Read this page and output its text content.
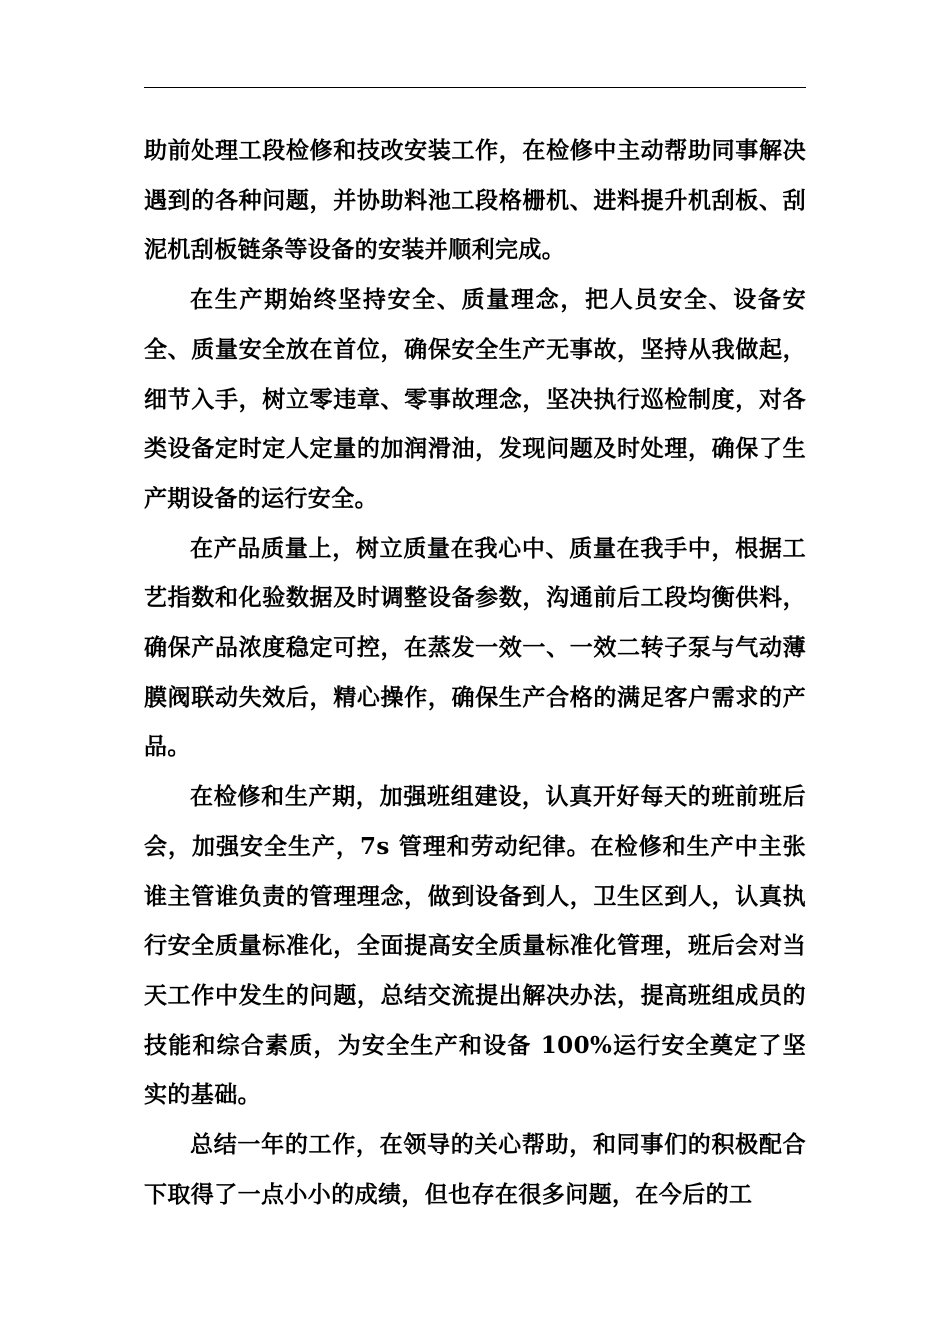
助前处理工段检修和技改安装工作，在检修中主动帮助同事解决遇到的各种问题，并协助料池工段格栅机、进料提升机刮板、刮泥机刮板链条等设备的安装并顺利完成。

在生产期始终坚持安全、质量理念，把人员安全、设备安全、质量安全放在首位，确保安全生产无事故，坚持从我做起，细节入手，树立零违章、零事故理念，坚决执行巡检制度，对各类设备定时定人定量的加润滑油，发现问题及时处理，确保了生产期设备的运行安全。

在产品质量上，树立质量在我心中、质量在我手中，根据工艺指数和化验数据及时调整设备参数，沟通前后工段均衡供料，确保产品浓度稳定可控，在蒸发一效一、一效二转子泵与气动薄膜阀联动失效后，精心操作，确保生产合格的满足客户需求的产品。

在检修和生产期，加强班组建设，认真开好每天的班前班后会，加强安全生产，7s 管理和劳动纪律。在检修和生产中主张谁主管谁负责的管理理念，做到设备到人，卫生区到人，认真执行安全质量标准化，全面提高安全质量标准化管理，班后会对当天工作中发生的问题，总结交流提出解决办法，提高班组成员的技能和综合素质，为安全生产和设备 100%运行安全奠定了坚实的基础。

总结一年的工作，在领导的关心帮助，和同事们的积极配合下取得了一点小小的成绩，但也存在很多问题，在今后的工
